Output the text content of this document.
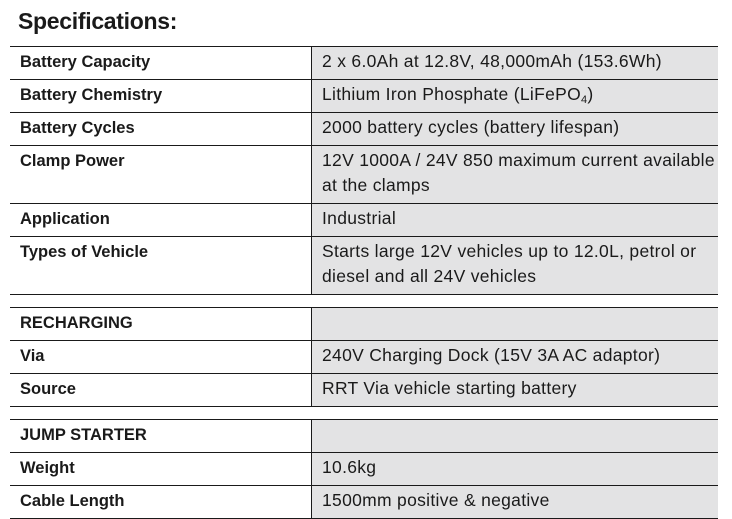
Specifications:
Battery Capacity	2 x 6.0Ah at 12.8V, 48,000mAh (153.6Wh)
Battery Chemistry	Lithium Iron Phosphate (LiFePO$_4$)
Battery Cycles	2000 battery cycles (battery lifespan)
Clamp Power	12V 1000A / 24V 850 maximum current available at the clamps
Application	Industrial
Types of Vehicle	Starts large 12V vehicles up to 12.0L, petrol or diesel and all 24V vehicles

RECHARGING	
Via	240V Charging Dock (15V 3A AC adaptor)
Source	RRT Via vehicle starting battery

JUMP STARTER	
Weight	10.6kg
Cable Length	1500mm positive & negative
